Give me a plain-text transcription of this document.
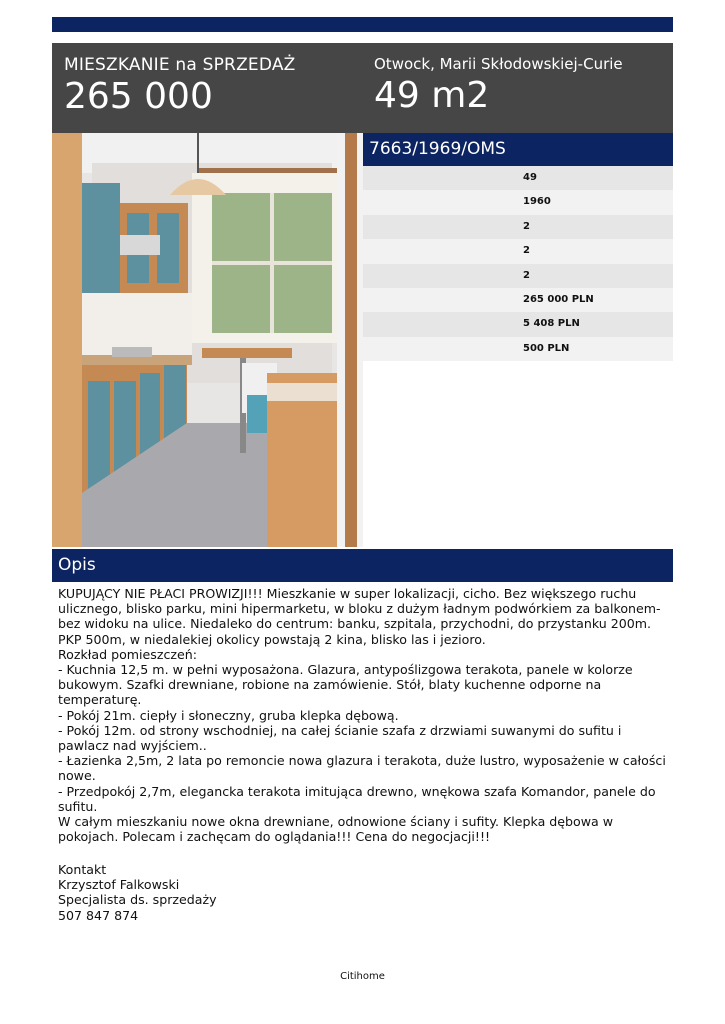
MIESZKANIE na SPRZEDAŻ
265 000
Otwock, Marii Skłodowskiej-Curie
49 m2
7663/1969/OMS
49
1960
2
2
2
265 000 PLN
5 408 PLN
500 PLN
Opis

KUPUJĄCY NIE PŁACI PROWIZJI!!! Mieszkanie w super lokalizacji, cicho. Bez większego ruchu ulicznego, blisko parku, mini hipermarketu, w bloku z dużym ładnym podwórkiem za balkonem-bez widoku na ulice. Niedaleko do centrum: banku, szpitala, przychodni, do przystanku 200m. PKP 500m, w niedalekiej okolicy powstają 2 kina, blisko las i jezioro.

Rozkład pomieszczeń:

- Kuchnia 12,5 m. w pełni wyposażona. Glazura, antypoślizgowa terakota, panele w kolorze bukowym. Szafki drewniane, robione na zamówienie. Stół, blaty kuchenne odporne na temperaturę.

- Pokój 21m. ciepły i słoneczny, gruba klepka dębową.

- Pokój 12m. od strony wschodniej, na całej ścianie szafa z drzwiami suwanymi do sufitu i pawlacz nad wyjściem..

- Łazienka 2,5m, 2 lata po remoncie nowa glazura i terakota, duże lustro, wyposażenie w całości nowe.

- Przedpokój 2,7m, elegancka terakota imitująca drewno, wnękowa szafa Komandor, panele do sufitu.

W całym mieszkaniu nowe okna drewniane, odnowione ściany i sufity. Klepka dębowa w pokojach. Polecam i zachęcam do oglądania!!! Cena do negocjacji!!!

Kontakt

Krzysztof Falkowski

Specjalista ds. sprzedaży

507 847 874

Citihome
